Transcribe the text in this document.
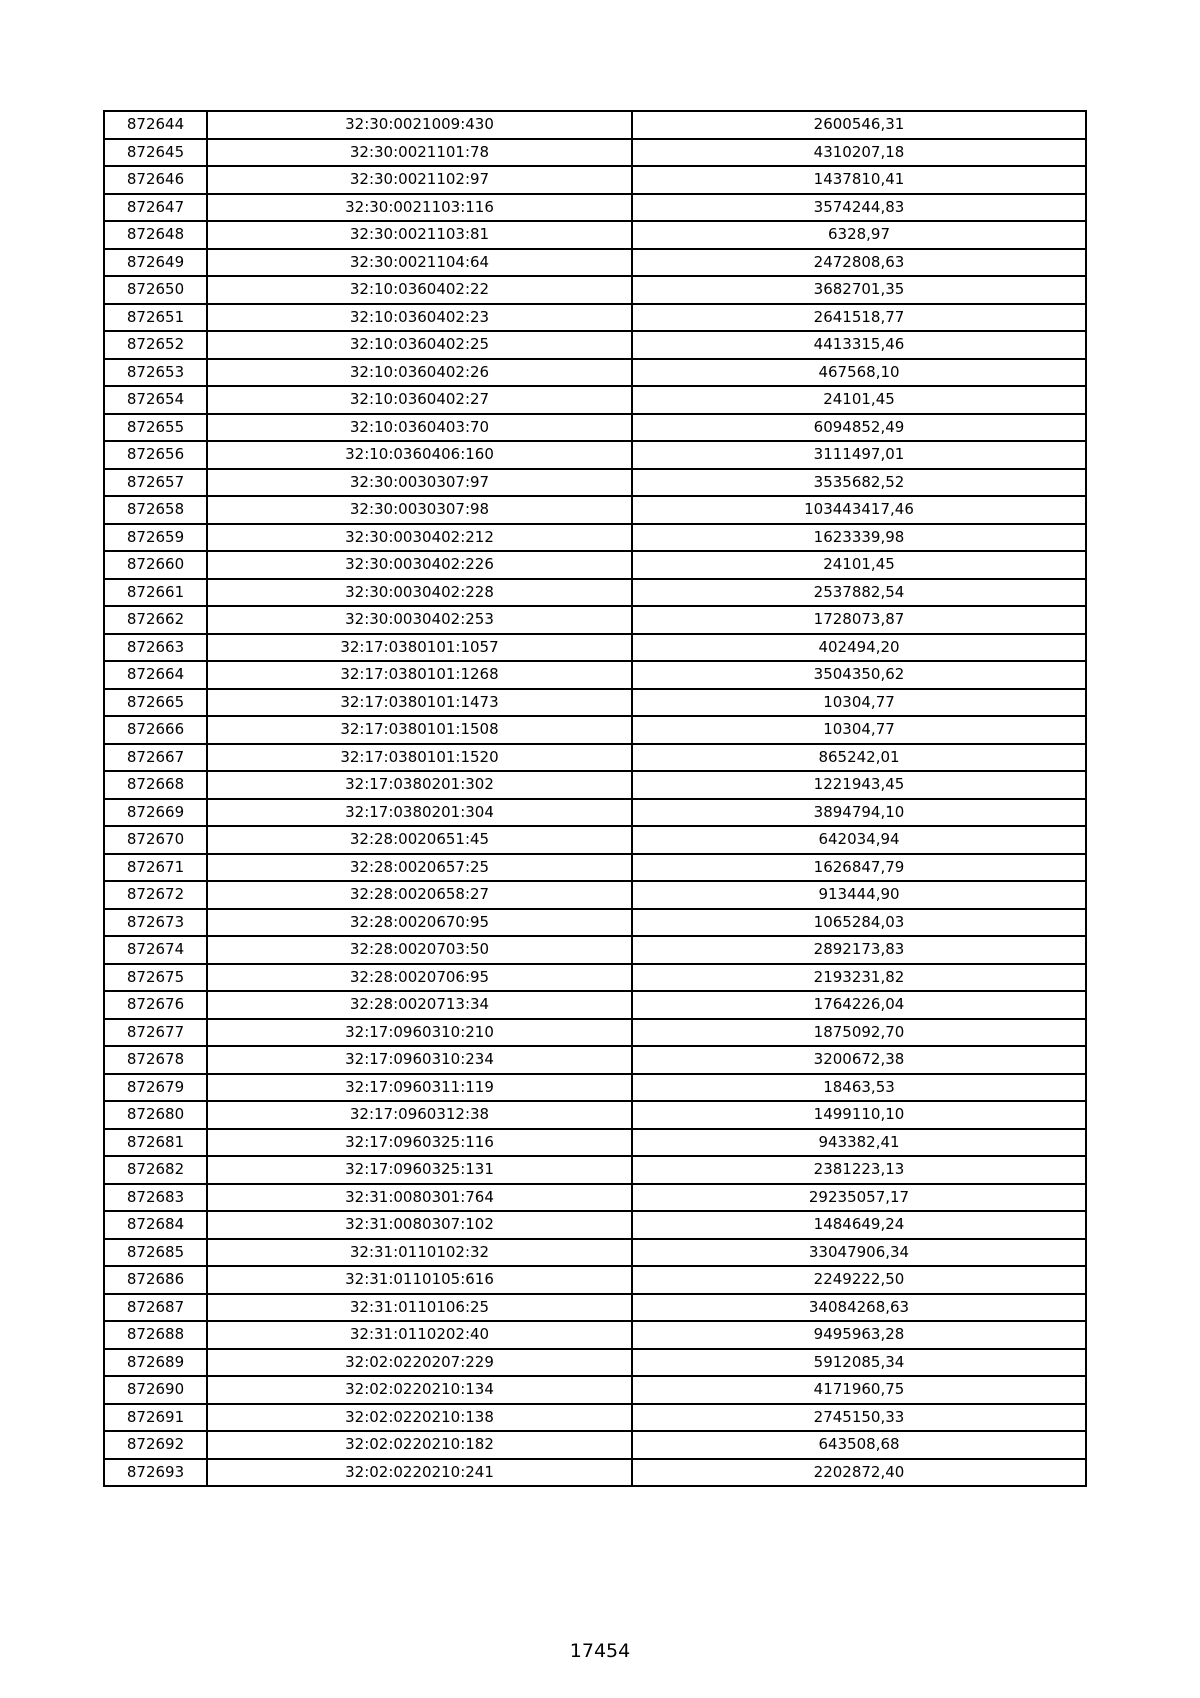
872644	32:30:0021009:430	2600546,31
872645	32:30:0021101:78	4310207,18
872646	32:30:0021102:97	1437810,41
872647	32:30:0021103:116	3574244,83
872648	32:30:0021103:81	6328,97
872649	32:30:0021104:64	2472808,63
872650	32:10:0360402:22	3682701,35
872651	32:10:0360402:23	2641518,77
872652	32:10:0360402:25	4413315,46
872653	32:10:0360402:26	467568,10
872654	32:10:0360402:27	24101,45
872655	32:10:0360403:70	6094852,49
872656	32:10:0360406:160	3111497,01
872657	32:30:0030307:97	3535682,52
872658	32:30:0030307:98	103443417,46
872659	32:30:0030402:212	1623339,98
872660	32:30:0030402:226	24101,45
872661	32:30:0030402:228	2537882,54
872662	32:30:0030402:253	1728073,87
872663	32:17:0380101:1057	402494,20
872664	32:17:0380101:1268	3504350,62
872665	32:17:0380101:1473	10304,77
872666	32:17:0380101:1508	10304,77
872667	32:17:0380101:1520	865242,01
872668	32:17:0380201:302	1221943,45
872669	32:17:0380201:304	3894794,10
872670	32:28:0020651:45	642034,94
872671	32:28:0020657:25	1626847,79
872672	32:28:0020658:27	913444,90
872673	32:28:0020670:95	1065284,03
872674	32:28:0020703:50	2892173,83
872675	32:28:0020706:95	2193231,82
872676	32:28:0020713:34	1764226,04
872677	32:17:0960310:210	1875092,70
872678	32:17:0960310:234	3200672,38
872679	32:17:0960311:119	18463,53
872680	32:17:0960312:38	1499110,10
872681	32:17:0960325:116	943382,41
872682	32:17:0960325:131	2381223,13
872683	32:31:0080301:764	29235057,17
872684	32:31:0080307:102	1484649,24
872685	32:31:0110102:32	33047906,34
872686	32:31:0110105:616	2249222,50
872687	32:31:0110106:25	34084268,63
872688	32:31:0110202:40	9495963,28
872689	32:02:0220207:229	5912085,34
872690	32:02:0220210:134	4171960,75
872691	32:02:0220210:138	2745150,33
872692	32:02:0220210:182	643508,68
872693	32:02:0220210:241	2202872,40
17454
